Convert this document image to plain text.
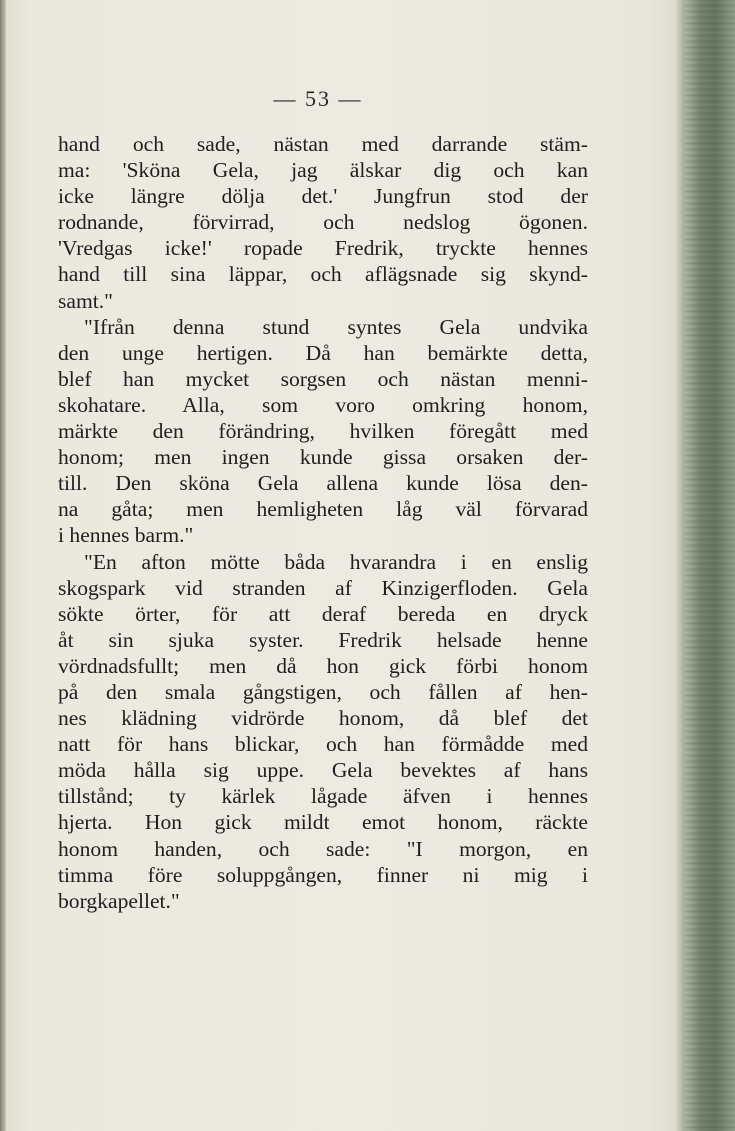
— 53 —
hand och sade, nästan med darrande stäm-
ma: 'Sköna Gela, jag älskar dig och kan
icke längre dölja det.' Jungfrun stod der
rodnande, förvirrad, och nedslog ögonen.
'Vredgas icke!' ropade Fredrik, tryckte hennes
hand till sina läppar, och aflägsnade sig skynd-
samt."
"Ifrån denna stund syntes Gela undvika
den unge hertigen. Då han bemärkte detta,
blef han mycket sorgsen och nästan menni-
skohatare. Alla, som voro omkring honom,
märkte den förändring, hvilken föregått med
honom; men ingen kunde gissa orsaken der-
till. Den sköna Gela allena kunde lösa den-
na gåta; men hemligheten låg väl förvarad
i hennes barm."
"En afton mötte båda hvarandra i en enslig
skogspark vid stranden af Kinzigerfloden. Gela
sökte örter, för att deraf bereda en dryck
åt sin sjuka syster. Fredrik helsade henne
vördnadsfullt; men då hon gick förbi honom
på den smala gångstigen, och fållen af hen-
nes klädning vidrörde honom, då blef det
natt för hans blickar, och han förmådde med
möda hålla sig uppe. Gela bevektes af hans
tillstånd; ty kärlek lågade äfven i hennes
hjerta. Hon gick mildt emot honom, räckte
honom handen, och sade: "I morgon, en
timma före soluppgången, finner ni mig i
borgkapellet."
